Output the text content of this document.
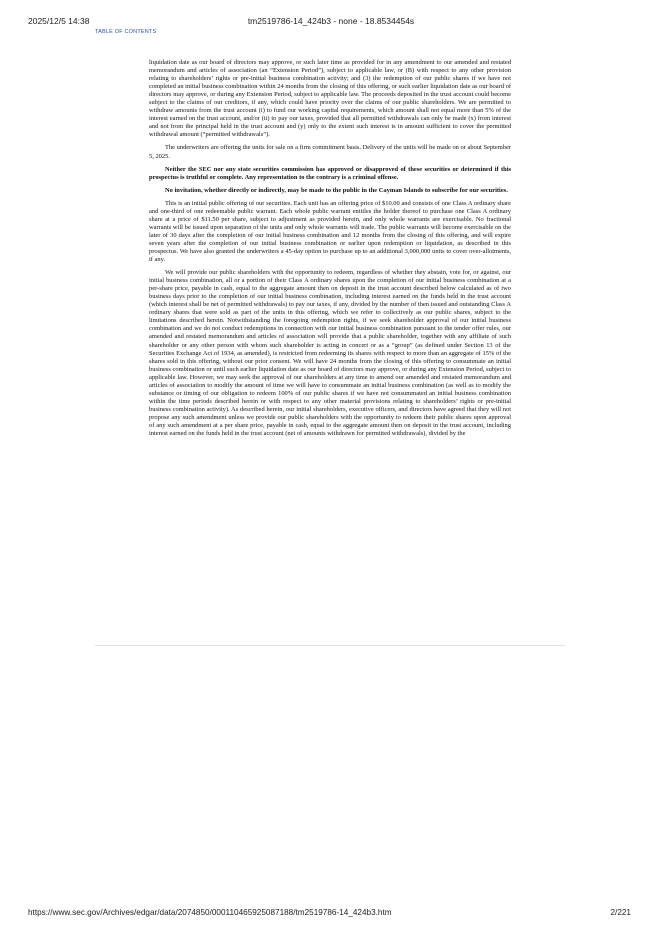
2025/12/5 14:38	tm2519786-14_424b3 - none - 18.8534454s
TABLE OF CONTENTS

liquidation date as our board of directors may approve, or such later time as provided for in any amendment to our amended and restated memorandum and articles of association (an “Extension Period”), subject to applicable law, or (B) with respect to any other provision relating to shareholders’ rights or pre-initial business combination activity; and (3) the redemption of our public shares if we have not completed an initial business combination within 24 months from the closing of this offering, or such earlier liquidation date as our board of directors may approve, or during any Extension Period, subject to applicable law. The proceeds deposited in the trust account could become subject to the claims of our creditors, if any, which could have priority over the claims of our public shareholders. We are permitted to withdraw amounts from the trust account (i) to fund our working capital requirements, which amount shall not equal more than 5% of the interest earned on the trust account, and/or (ii) to pay our taxes, provided that all permitted withdrawals can only be made (x) from interest and not from the principal held in the trust account and (y) only to the extent such interest is in amount sufficient to cover the permitted withdrawal amount (“permitted withdrawals”).

The underwriters are offering the units for sale on a firm commitment basis. Delivery of the units will be made on or about September 5, 2025.

Neither the SEC nor any state securities commission has approved or disapproved of these securities or determined if this prospectus is truthful or complete. Any representation to the contrary is a criminal offense.

No invitation, whether directly or indirectly, may be made to the public in the Cayman Islands to subscribe for our securities.

This is an initial public offering of our securities. Each unit has an offering price of $10.00 and consists of one Class A ordinary share and one-third of one redeemable public warrant. Each whole public warrant entitles the holder thereof to purchase one Class A ordinary share at a price of $11.50 per share, subject to adjustment as provided herein, and only whole warrants are exercisable. No fractional warrants will be issued upon separation of the units and only whole warrants will trade. The public warrants will become exercisable on the later of 30 days after the completion of our initial business combination and 12 months from the closing of this offering, and will expire seven years after the completion of our initial business combination or earlier upon redemption or liquidation, as described in this prospectus. We have also granted the underwriters a 45-day option to purchase up to an additional 3,000,000 units to cover over-allotments, if any.

We will provide our public shareholders with the opportunity to redeem, regardless of whether they abstain, vote for, or against, our initial business combination, all or a portion of their Class A ordinary shares upon the completion of our initial business combination at a per-share price, payable in cash, equal to the aggregate amount then on deposit in the trust account described below calculated as of two business days prior to the completion of our initial business combination, including interest earned on the funds held in the trust account (which interest shall be net of permitted withdrawals) to pay our taxes, if any, divided by the number of then issued and outstanding Class A ordinary shares that were sold as part of the units in this offering, which we refer to collectively as our public shares, subject to the limitations described herein. Notwithstanding the foregoing redemption rights, if we seek shareholder approval of our initial business combination and we do not conduct redemptions in connection with our initial business combination pursuant to the tender offer rules, our amended and restated memorandum and articles of association will provide that a public shareholder, together with any affiliate of such shareholder or any other person with whom such shareholder is acting in concert or as a “group” (as defined under Section 13 of the Securities Exchange Act of 1934, as amended), is restricted from redeeming its shares with respect to more than an aggregate of 15% of the shares sold in this offering, without our prior consent. We will have 24 months from the closing of this offering to consummate an initial business combination or until such earlier liquidation date as our board of directors may approve, or during any Extension Period, subject to applicable law. However, we may seek the approval of our shareholders at any time to amend our amended and restated memorandum and articles of association to modify the amount of time we will have to consummate an initial business combination (as well as to modify the substance or timing of our obligation to redeem 100% of our public shares if we have not consummated an initial business combination within the time periods described herein or with respect to any other material provisions relating to shareholders’ rights or pre-initial business combination activity). As described herein, our initial shareholders, executive officers, and directors have agreed that they will not propose any such amendment unless we provide our public shareholders with the opportunity to redeem their public shares upon approval of any such amendment at a per share price, payable in cash, equal to the aggregate amount then on deposit in the trust account, including interest earned on the funds held in the trust account (net of amounts withdrawn for permitted withdrawals), divided by the

https://www.sec.gov/Archives/edgar/data/2074850/000110465925087188/tm2519786-14_424b3.htm	2/221
